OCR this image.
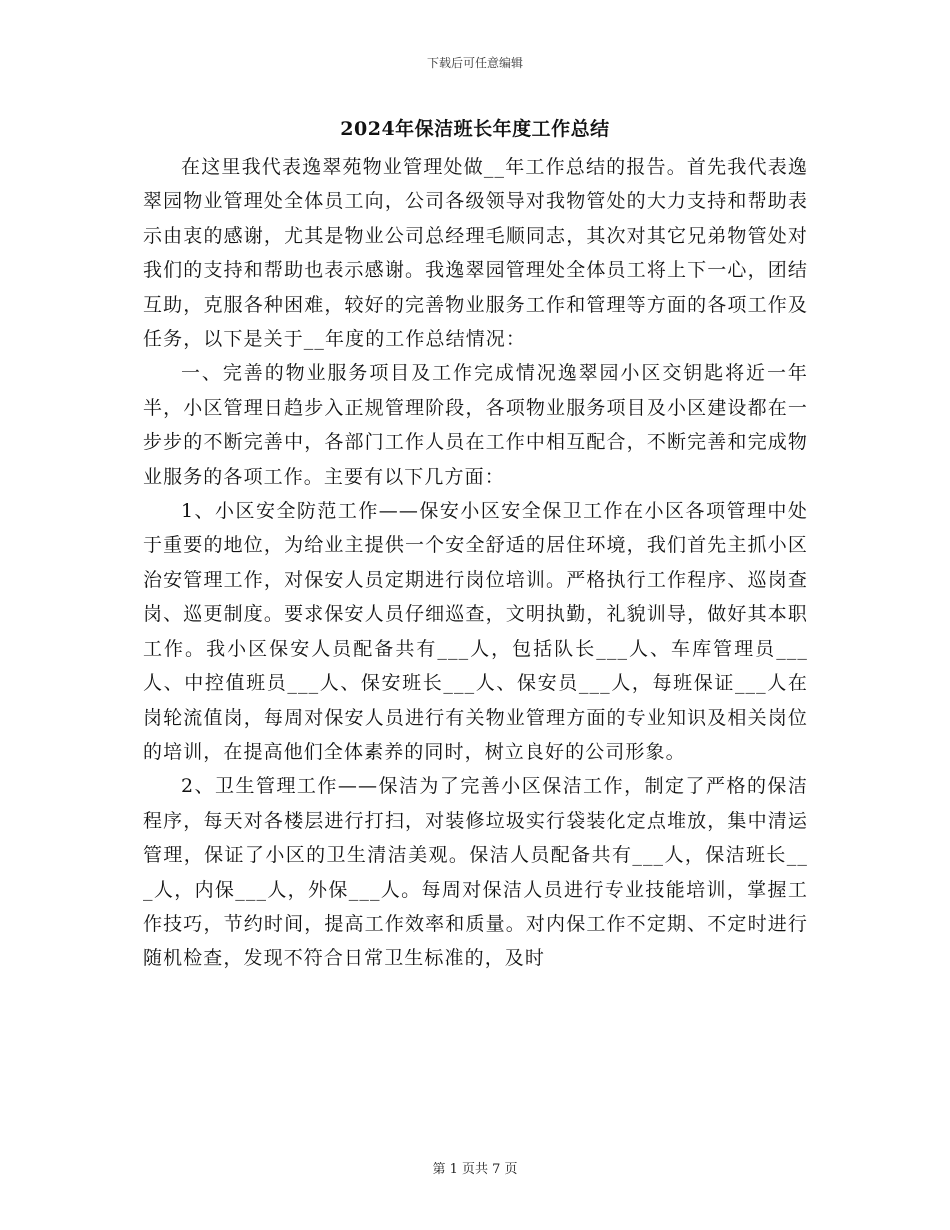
下载后可任意编辑
2024年保洁班长年度工作总结

在这里我代表逸翠苑物业管理处做__年工作总结的报告。首先我代表逸翠园物业管理处全体员工向，公司各级领导对我物管处的大力支持和帮助表示由衷的感谢，尤其是物业公司总经理毛顺同志，其次对其它兄弟物管处对我们的支持和帮助也表示感谢。我逸翠园管理处全体员工将上下一心，团结互助，克服各种困难，较好的完善物业服务工作和管理等方面的各项工作及任务，以下是关于__年度的工作总结情况：

一、完善的物业服务项目及工作完成情况逸翠园小区交钥匙将近一年半，小区管理日趋步入正规管理阶段，各项物业服务项目及小区建设都在一步步的不断完善中，各部门工作人员在工作中相互配合，不断完善和完成物业服务的各项工作。主要有以下几方面：

1、小区安全防范工作——保安小区安全保卫工作在小区各项管理中处于重要的地位，为给业主提供一个安全舒适的居住环境，我们首先主抓小区治安管理工作，对保安人员定期进行岗位培训。严格执行工作程序、巡岗查岗、巡更制度。要求保安人员仔细巡查，文明执勤，礼貌训导，做好其本职工作。我小区保安人员配备共有___人，包括队长___人、车库管理员___人、中控值班员___人、保安班长___人、保安员___人，每班保证___人在岗轮流值岗，每周对保安人员进行有关物业管理方面的专业知识及相关岗位的培训，在提高他们全体素养的同时，树立良好的公司形象。

2、卫生管理工作——保洁为了完善小区保洁工作，制定了严格的保洁程序，每天对各楼层进行打扫，对装修垃圾实行袋装化定点堆放，集中清运管理，保证了小区的卫生清洁美观。保洁人员配备共有___人，保洁班长___人，内保___人，外保___人。每周对保洁人员进行专业技能培训，掌握工作技巧，节约时间，提高工作效率和质量。对内保工作不定期、不定时进行随机检查，发现不符合日常卫生标准的，及时

第 1 页共 7 页
